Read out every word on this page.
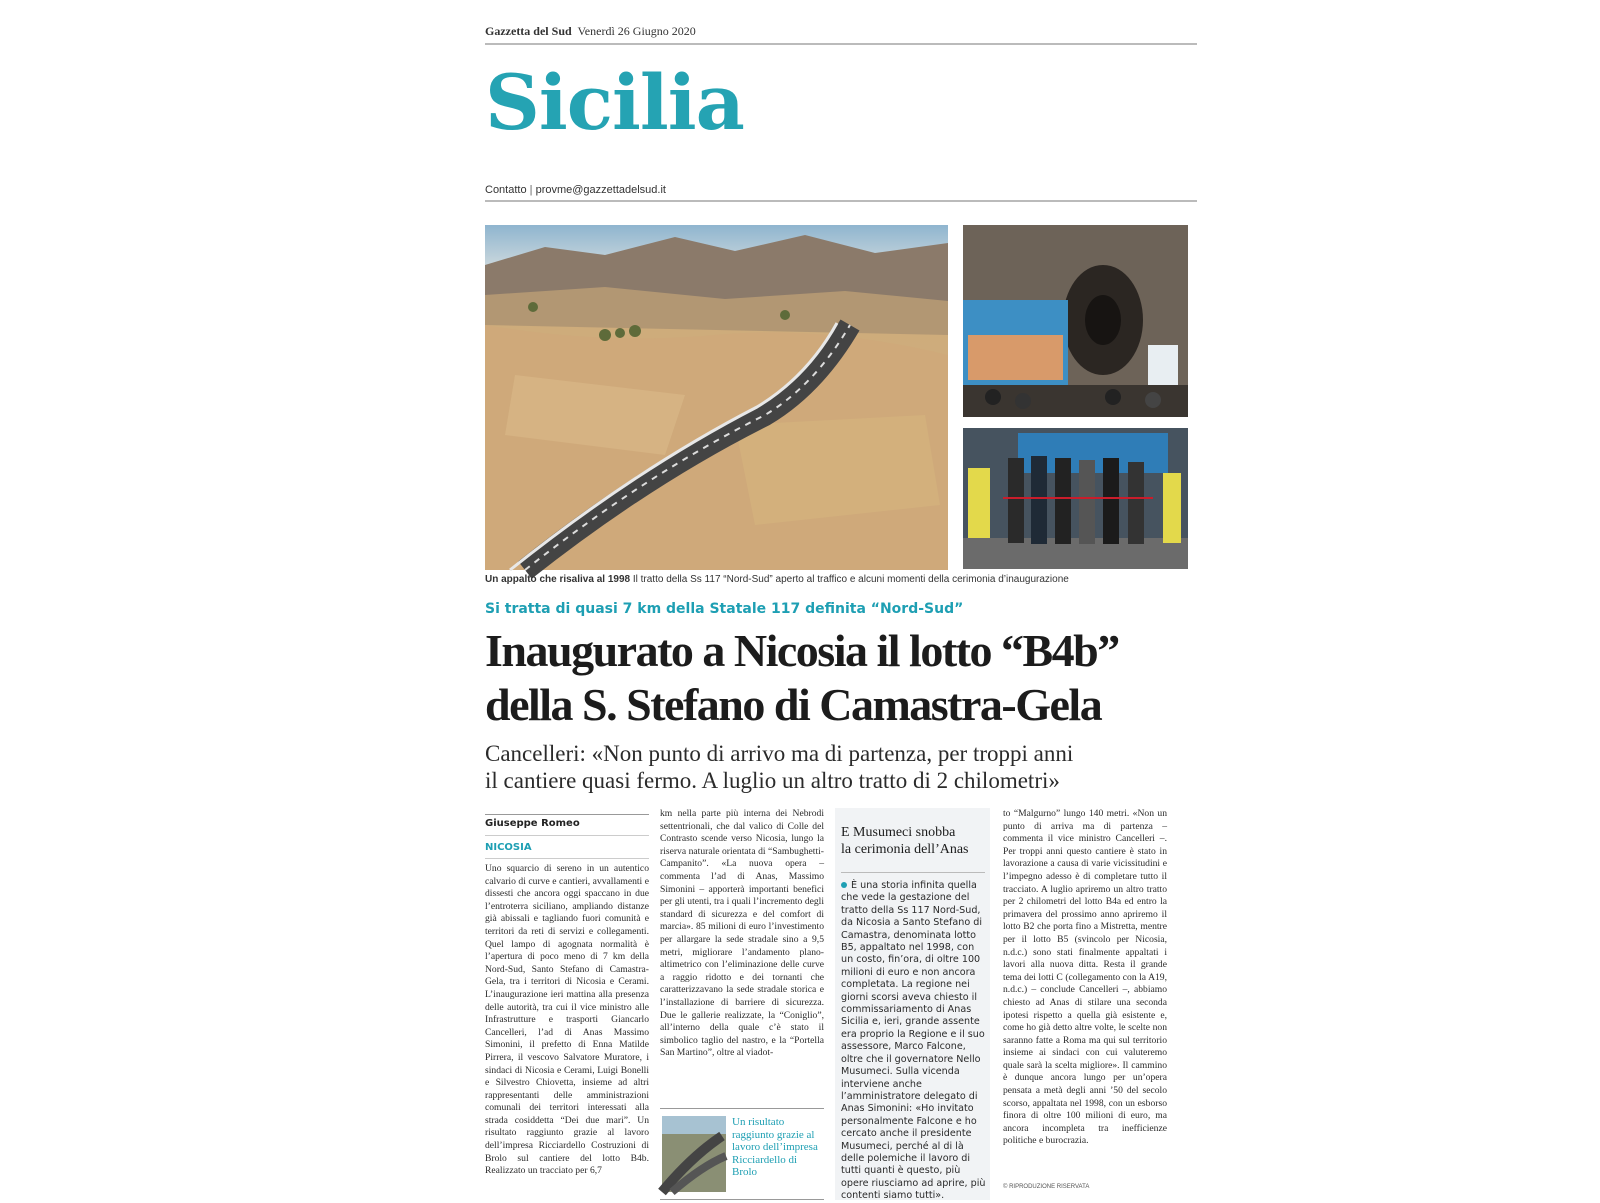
Gazzetta del Sud Venerdì 26 Giugno 2020
Sicilia
Contatto | provme@gazzettadelsud.it
Un appalto che risaliva al 1998 Il tratto della Ss 117 “Nord-Sud” aperto al traffico e alcuni momenti della cerimonia d’inaugurazione
Si tratta di quasi 7 km della Statale 117 definita “Nord-Sud”
Inaugurato a Nicosia il lotto “B4b”
della S. Stefano di Camastra-Gela
Cancelleri: «Non punto di arrivo ma di partenza, per troppi anni
il cantiere quasi fermo. A luglio un altro tratto di 2 chilometri»
Giuseppe Romeo
NICOSIA
Uno squarcio di sereno in un autentico calvario di curve e cantieri, avvallamenti e dissesti che ancora oggi spaccano in due l’entroterra siciliano, ampliando distanze già abissali e tagliando fuori comunità e territori da reti di servizi e collegamenti. Quel lampo di agognata normalità è l’apertura di poco meno di 7 km della Nord-Sud, Santo Stefano di Camastra-Gela, tra i territori di Nicosia e Cerami. L’inaugurazione ieri mattina alla presenza delle autorità, tra cui il vice ministro alle Infrastrutture e trasporti Giancarlo Cancelleri, l’ad di Anas Massimo Simonini, il prefetto di Enna Matilde Pirrera, il vescovo Salvatore Muratore, i sindaci di Nicosia e Cerami, Luigi Bonelli e Silvestro Chiovetta, insieme ad altri rappresentanti delle amministrazioni comunali dei territori interessati alla strada cosiddetta “Dei due mari”. Un risultato raggiunto grazie al lavoro dell’impresa Ricciardello Costruzioni di Brolo sul cantiere del lotto B4b. Realizzato un tracciato per 6,7
km nella parte più interna dei Nebrodi settentrionali, che dal valico di Colle del Contrasto scende verso Nicosia, lungo la riserva naturale orientata di “Sambughetti-Campanito”. «La nuova opera – commenta l’ad di Anas, Massimo Simonini – apporterà importanti benefici per gli utenti, tra i quali l’incremento degli standard di sicurezza e del comfort di marcia». 85 milioni di euro l’investimento per allargare la sede stradale sino a 9,5 metri, migliorare l’andamento plano-altimetrico con l’eliminazione delle curve a raggio ridotto e dei tornanti che caratterizzavano la sede stradale storica e l’installazione di barriere di sicurezza. Due le gallerie realizzate, la “Coniglio”, all’interno della quale c’è stato il simbolico taglio del nastro, e la “Portella San Martino”, oltre al viadot-
Un risultato raggiunto grazie al lavoro dell’impresa Ricciardello di Brolo
E Musumeci snobba
la cerimonia dell’Anas
È una storia infinita quella che vede la gestazione del tratto della Ss 117 Nord-Sud, da Nicosia a Santo Stefano di Camastra, denominata lotto B5, appaltato nel 1998, con un costo, fin’ora, di oltre 100 milioni di euro e non ancora completata. La regione nei giorni scorsi aveva chiesto il commissariamento di Anas Sicilia e, ieri, grande assente era proprio la Regione e il suo assessore, Marco Falcone, oltre che il governatore Nello Musumeci. Sulla vicenda interviene anche l’amministratore delegato di Anas Simonini: «Ho invitato personalmente Falcone e ho cercato anche il presidente Musumeci, perché al di là delle polemiche il lavoro di tutti quanti è questo, più opere riusciamo ad aprire, più contenti siamo tutti».
to “Malgurno” lungo 140 metri. «Non un punto di arriva ma di partenza – commenta il vice ministro Cancelleri –. Per troppi anni questo cantiere è stato in lavorazione a causa di varie vicissitudini e l’impegno adesso è di completare tutto il tracciato. A luglio apriremo un altro tratto per 2 chilometri del lotto B4a ed entro la primavera del prossimo anno apriremo il lotto B2 che porta fino a Mistretta, mentre per il lotto B5 (svincolo per Nicosia, n.d.c.) sono stati finalmente appaltati i lavori alla nuova ditta. Resta il grande tema dei lotti C (collegamento con la A19, n.d.c.) – conclude Cancelleri –, abbiamo chiesto ad Anas di stilare una seconda ipotesi rispetto a quella già esistente e, come ho già detto altre volte, le scelte non saranno fatte a Roma ma qui sul territorio insieme ai sindaci con cui valuteremo quale sarà la scelta migliore». Il cammino è dunque ancora lungo per un’opera pensata a metà degli anni ’50 del secolo scorso, appaltata nel 1998, con un esborso finora di oltre 100 milioni di euro, ma ancora incompleta tra inefficienze politiche e burocrazia.
© RIPRODUZIONE RISERVATA
